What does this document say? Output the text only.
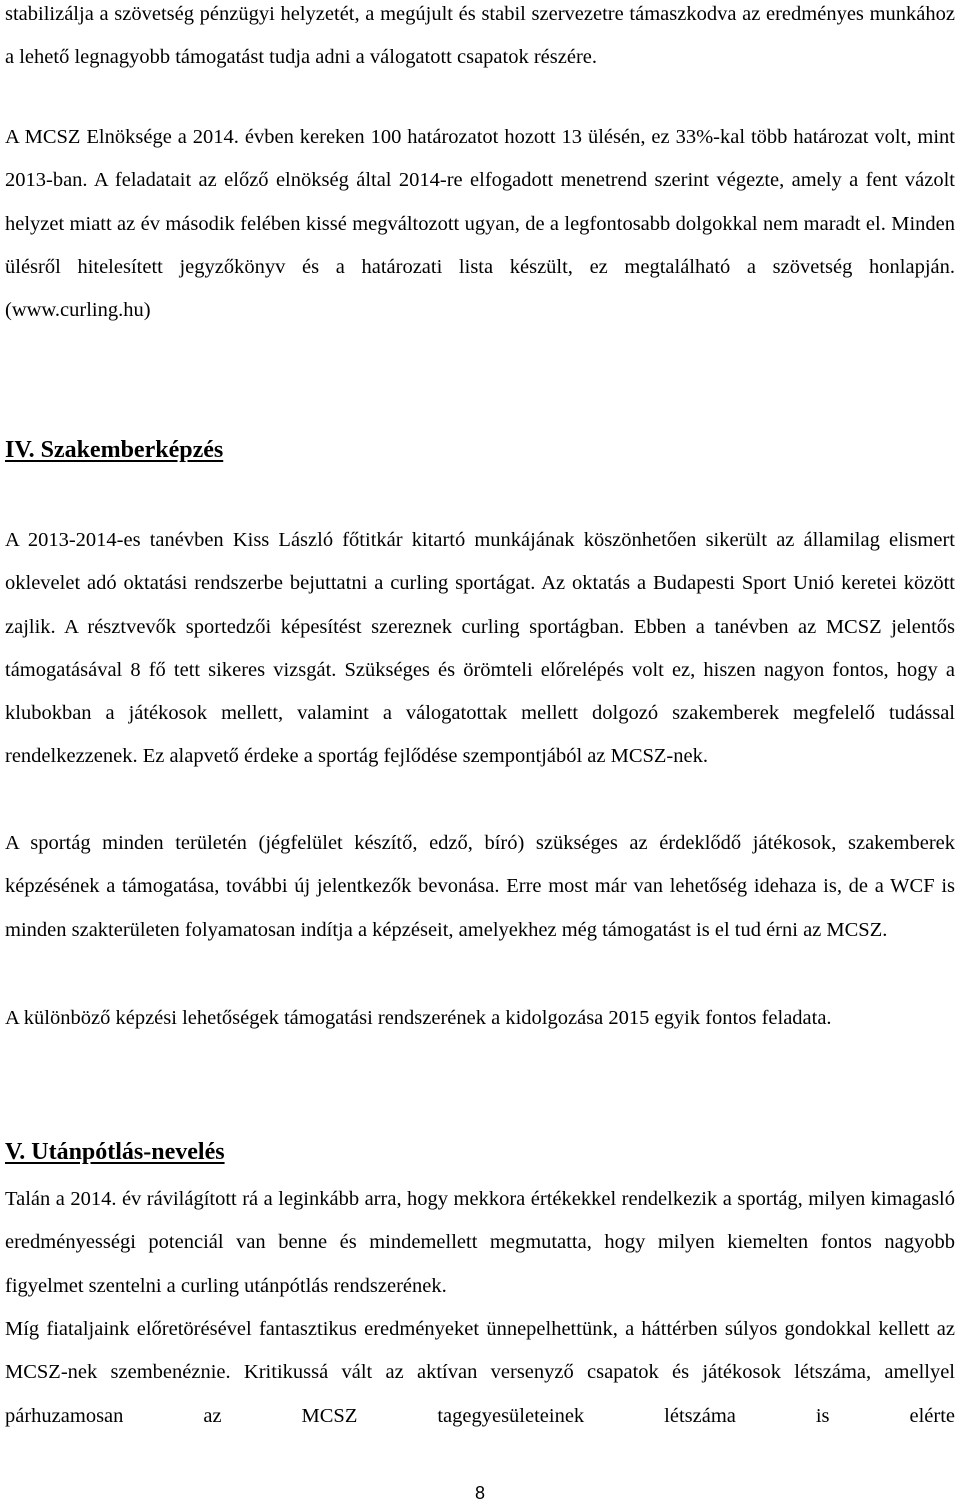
stabilizálja a szövetség pénzügyi helyzetét, a megújult és stabil szervezetre támaszkodva az eredményes munkához a lehető legnagyobb támogatást tudja adni a válogatott csapatok részére.

A MCSZ Elnöksége a 2014. évben kereken 100 határozatot hozott 13 ülésén, ez 33%-kal több határozat volt, mint 2013-ban. A feladatait az előző elnökség által 2014-re elfogadott menetrend szerint végezte, amely a fent vázolt helyzet miatt az év második felében kissé megváltozott ugyan, de a legfontosabb dolgokkal nem maradt el. Minden ülésről hitelesített jegyzőkönyv és a határozati lista készült, ez megtalálható a szövetség honlapján. (www.curling.hu)

IV. Szakemberképzés

A 2013-2014-es tanévben Kiss László főtitkár kitartó munkájának köszönhetően sikerült az államilag elismert oklevelet adó oktatási rendszerbe bejuttatni a curling sportágat. Az oktatás a Budapesti Sport Unió keretei között zajlik. A résztvevők sportedzői képesítést szereznek curling sportágban. Ebben a tanévben az MCSZ jelentős támogatásával 8 fő tett sikeres vizsgát. Szükséges és örömteli előrelépés volt ez, hiszen nagyon fontos, hogy a klubokban a játékosok mellett, valamint a válogatottak mellett dolgozó szakemberek megfelelő tudással rendelkezzenek. Ez alapvető érdeke a sportág fejlődése szempontjából az MCSZ-nek.

A sportág minden területén (jégfelület készítő, edző, bíró) szükséges az érdeklődő játékosok, szakemberek képzésének a támogatása, további új jelentkezők bevonása. Erre most már van lehetőség idehaza is, de a WCF is minden szakterületen folyamatosan indítja a képzéseit, amelyekhez még támogatást is el tud érni az MCSZ.

A különböző képzési lehetőségek támogatási rendszerének a kidolgozása 2015 egyik fontos feladata.

V. Utánpótlás-nevelés

Talán a 2014. év rávilágított rá a leginkább arra, hogy mekkora értékekkel rendelkezik a sportág, milyen kimagasló eredményességi potenciál van benne és mindemellett megmutatta, hogy milyen kiemelten fontos nagyobb figyelmet szentelni a curling utánpótlás rendszerének.

Míg fiataljaink előretörésével fantasztikus eredményeket ünnepelhettünk, a háttérben súlyos gondokkal kellett az MCSZ-nek szembenéznie. Kritikussá vált az aktívan versenyző csapatok és játékosok létszáma, amellyel párhuzamosan az MCSZ tagegyesületeinek létszáma is elérte

8
